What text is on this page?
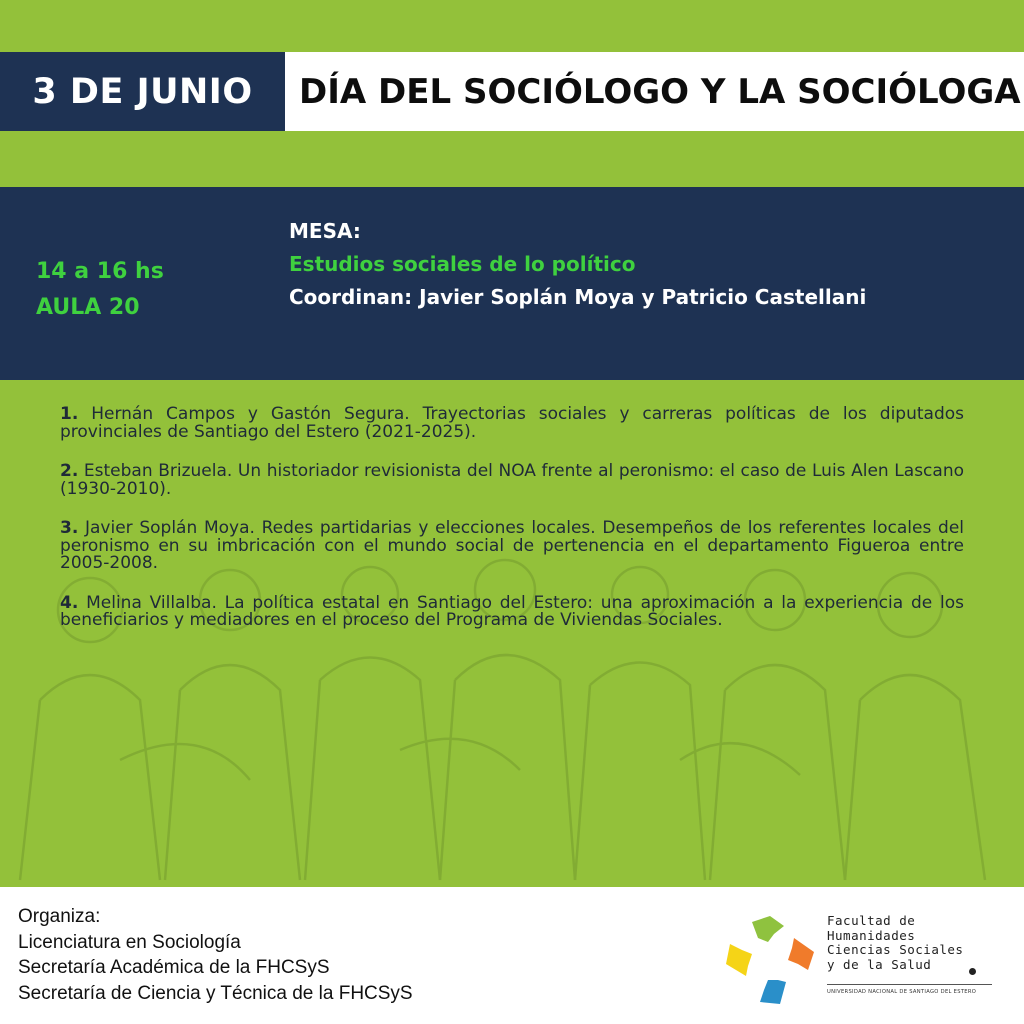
3 DE JUNIO	DÍA DEL SOCIÓLOGO Y LA SOCIÓLOGA
14 a 16 hs
AULA 20
MESA:
Estudios sociales de lo político
Coordinan: Javier Soplán Moya y Patricio Castellani

1. Hernán Campos y Gastón Segura. Trayectorias sociales y carreras políticas de los diputados provinciales de Santiago del Estero (2021-2025).

2. Esteban Brizuela. Un historiador revisionista del NOA frente al peronismo: el caso de Luis Alen Lascano (1930-2010).

3. Javier Soplán Moya. Redes partidarias y elecciones locales. Desempeños de los referentes locales del peronismo en su imbricación con el mundo social de pertenencia en el departamento Figueroa entre 2005-2008.

4. Melina Villalba. La política estatal en Santiago del Estero: una aproximación a la experiencia de los beneficiarios y mediadores en el proceso del Programa de Viviendas Sociales.

Organiza:
Licenciatura en Sociología
Secretaría Académica de la FHCSyS
Secretaría de Ciencia y Técnica de la FHCSyS
Facultad de
Humanidades
Ciencias Sociales
y de la Salud
UNIVERSIDAD NACIONAL DE SANTIAGO DEL ESTERO
